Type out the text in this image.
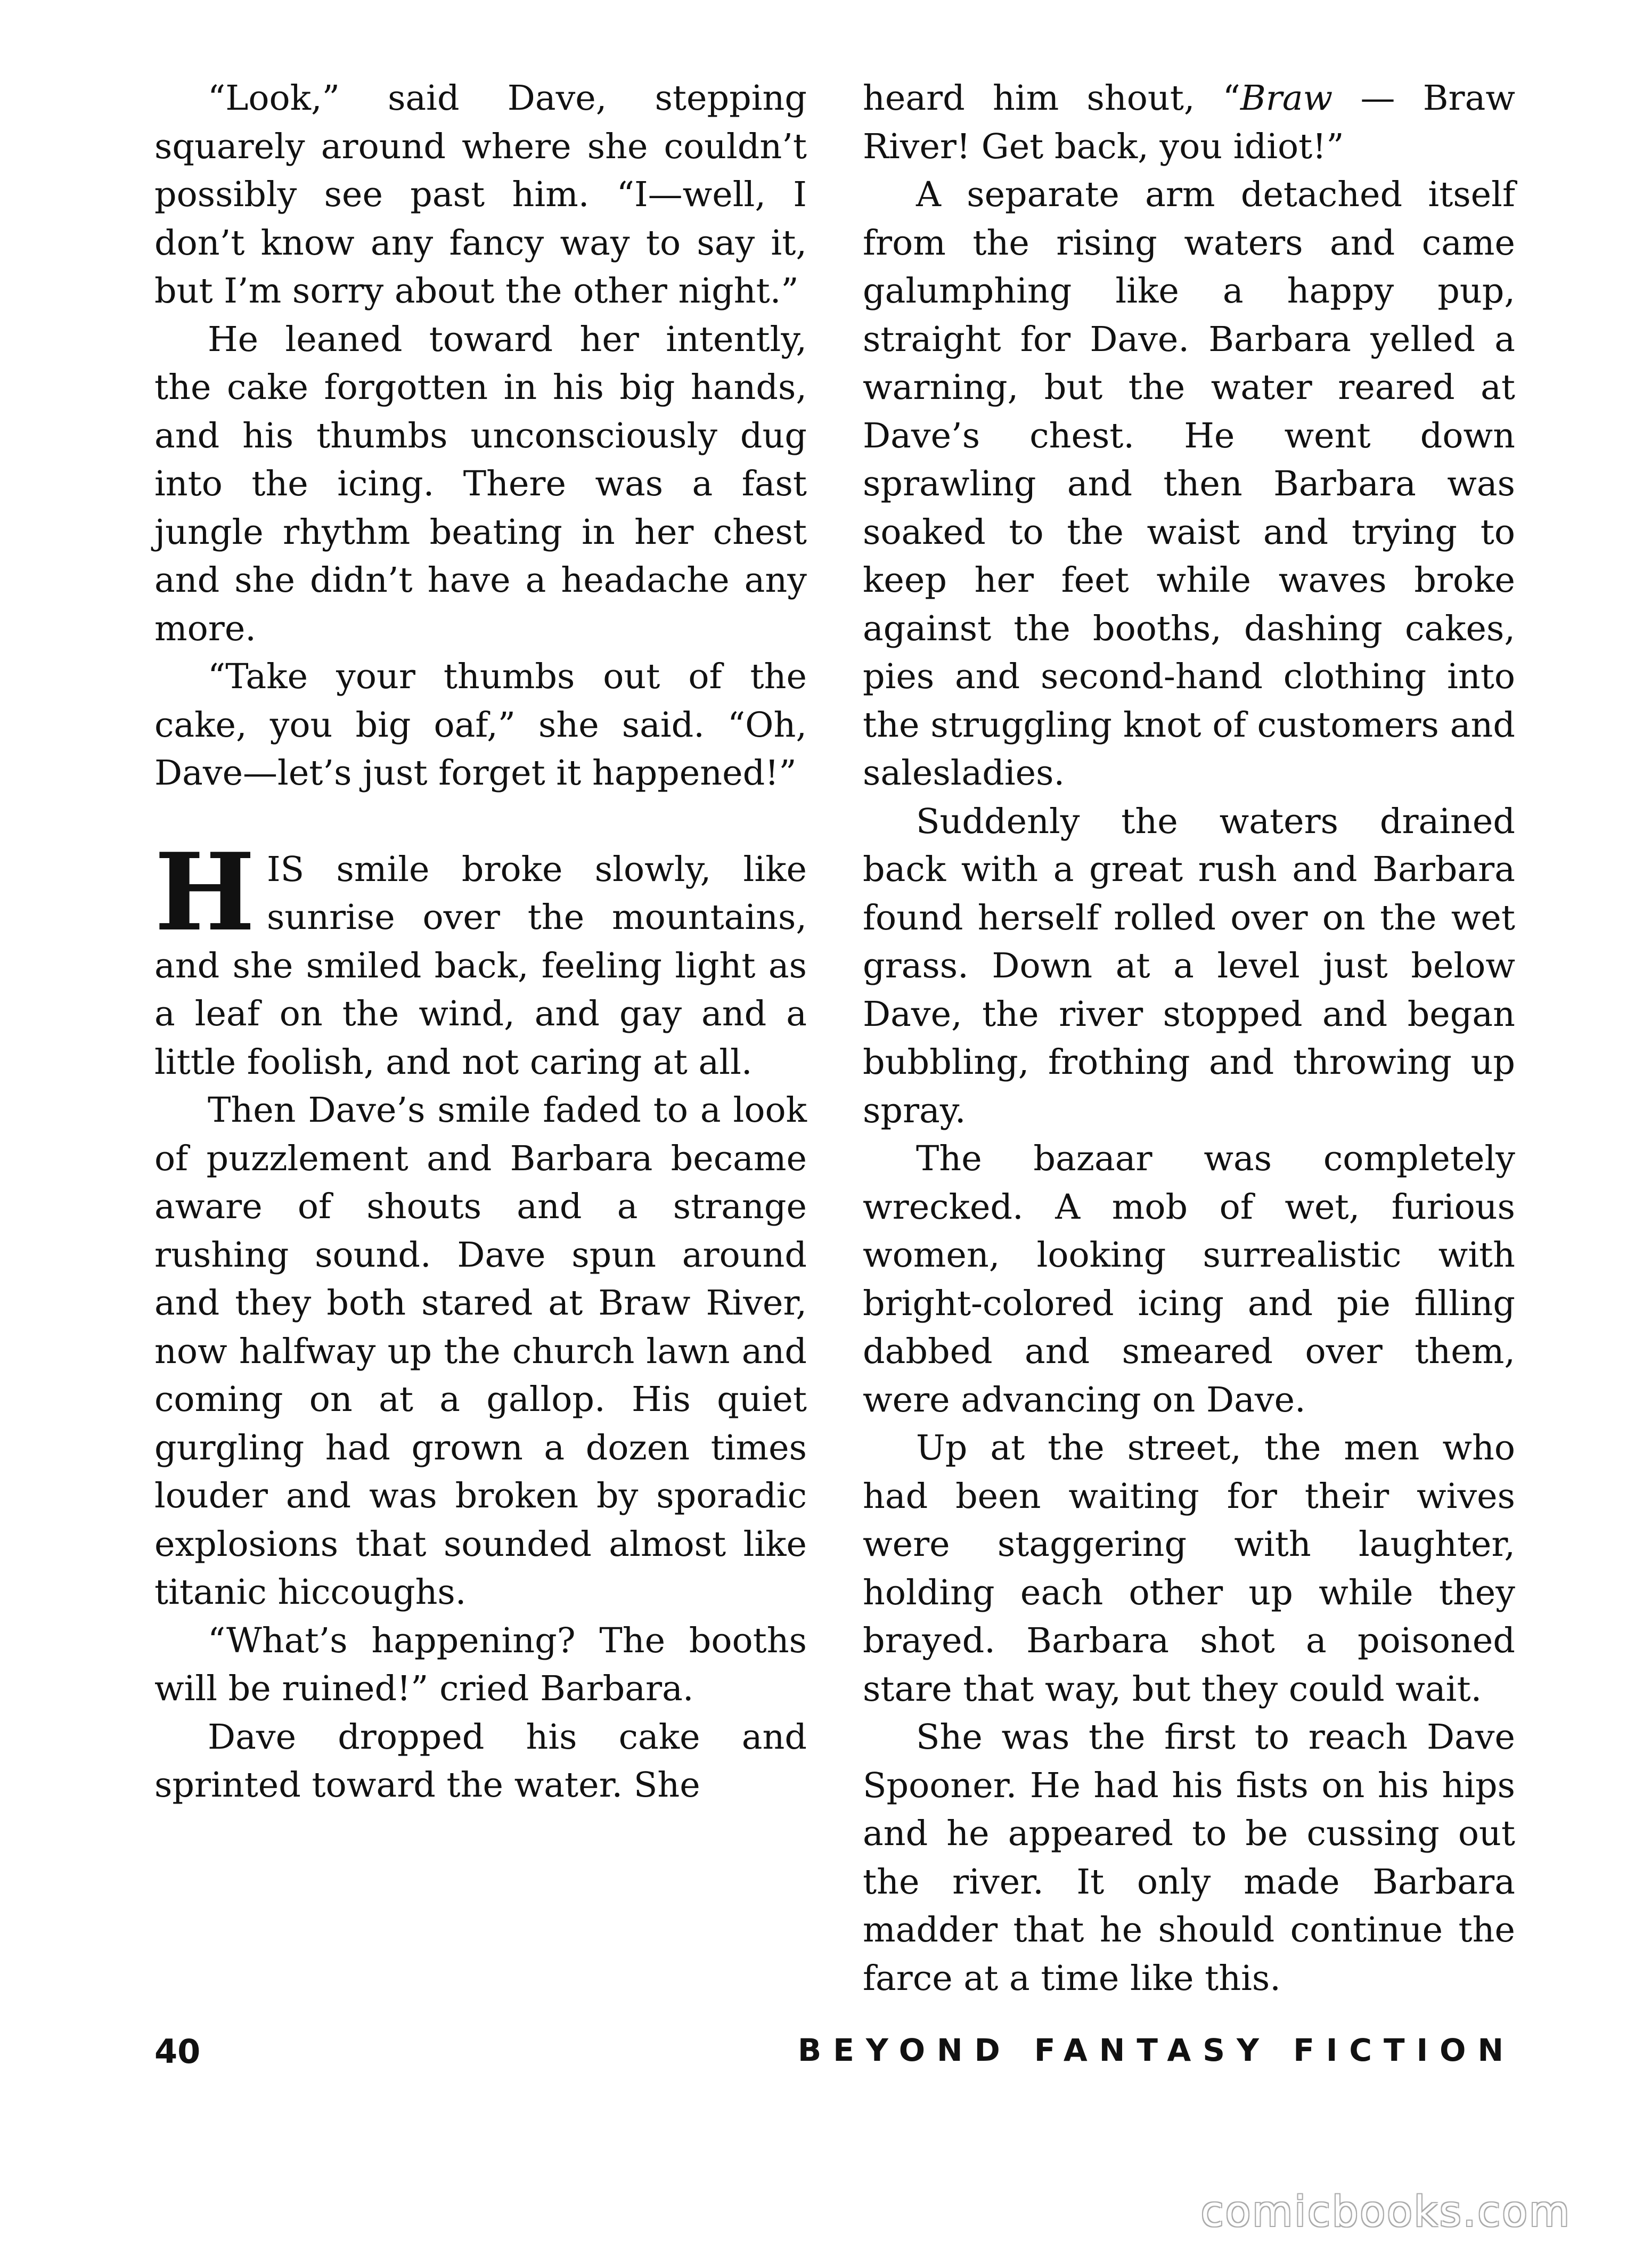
“Look,” said Dave, stepping squarely around where she couldn’t possibly see past him. “I—well, I don’t know any fancy way to say it, but I’m sorry about the other night.”

He leaned toward her intently, the cake forgotten in his big hands, and his thumbs unconsciously dug into the icing. There was a fast jungle rhythm beating in her chest and she didn’t have a headache any more.

“Take your thumbs out of the cake, you big oaf,” she said. “Oh, Dave—let’s just forget it happened!”

HIS smile broke slowly, like sunrise over the mountains, and she smiled back, feeling light as a leaf on the wind, and gay and a little foolish, and not caring at all.

Then Dave’s smile faded to a look of puzzlement and Barbara became aware of shouts and a strange rushing sound. Dave spun around and they both stared at Braw River, now halfway up the church lawn and coming on at a gallop. His quiet gurgling had grown a dozen times louder and was broken by sporadic explosions that sounded almost like titanic hiccoughs.

“What’s happening? The booths will be ruined!” cried Barbara.

Dave dropped his cake and sprinted toward the water. She

heard him shout, “Braw — Braw River! Get back, you idiot!”

A separate arm detached itself from the rising waters and came galumphing like a happy pup, straight for Dave. Barbara yelled a warning, but the water reared at Dave’s chest. He went down sprawling and then Barbara was soaked to the waist and trying to keep her feet while waves broke against the booths, dashing cakes, pies and second-hand clothing into the struggling knot of customers and salesladies.

Suddenly the waters drained back with a great rush and Barbara found herself rolled over on the wet grass. Down at a level just below Dave, the river stopped and began bubbling, frothing and throwing up spray.

The bazaar was completely wrecked. A mob of wet, furious women, looking surrealistic with bright-colored icing and pie filling dabbed and smeared over them, were advancing on Dave.

Up at the street, the men who had been waiting for their wives were staggering with laughter, holding each other up while they brayed. Barbara shot a poisoned stare that way, but they could wait.

She was the first to reach Dave Spooner. He had his fists on his hips and he appeared to be cussing out the river. It only made Barbara madder that he should continue the farce at a time like this.

40	BEYOND FANTASY FICTION
comicbooks.com
